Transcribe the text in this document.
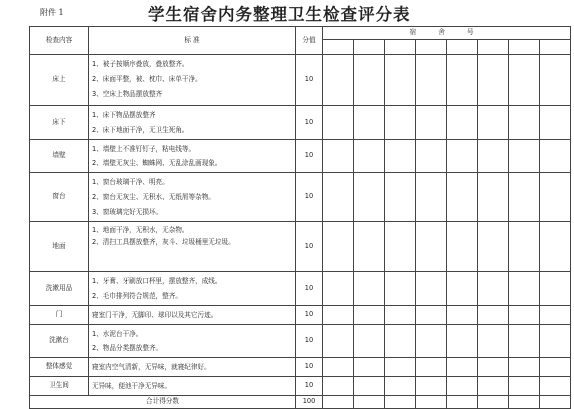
附件 1	学生宿舍内务整理卫生检查评分表
检查内容	标 准	分值	宿 舍 号							

床上	1、被子按顺序叠放，叠放整齐。
2、床面平整，被、枕巾、床单干净。
3、空床上物品摆放整齐	10								
床下	1、床下物品摆放整齐
2、床下地面干净，无卫生死角。	10								
墙壁	1、墙壁上不准钉钉子，粘电线等。
2、墙壁无灰尘、蜘蛛网、无乱涂乱画现象。	10								
窗台	1、窗台玻璃干净、明亮。
2、窗台无灰尘、无积水、无纸屑等杂物。
3、窗玻璃完好无损坏。	10								
地面	1、地面干净，无积水，无杂物。
2、清扫工具摆放整齐，灰斗、垃圾桶里无垃圾。	10								
洗漱用品	1、牙膏、牙刷放口杯里，摆放整齐，成线。
2、毛巾排列符合规范，整齐。	10								
门	寝室门干净，无脚印、球印以及其它污迹。	10								
洗漱台	1、水泥台干净。
2、物品分类摆放整齐。	10								
整体感觉	寝室内空气清新，无异味，就寝纪律好。	10								
卫生间	无异味，便池干净无异味。	10								
合计得分数		100								
